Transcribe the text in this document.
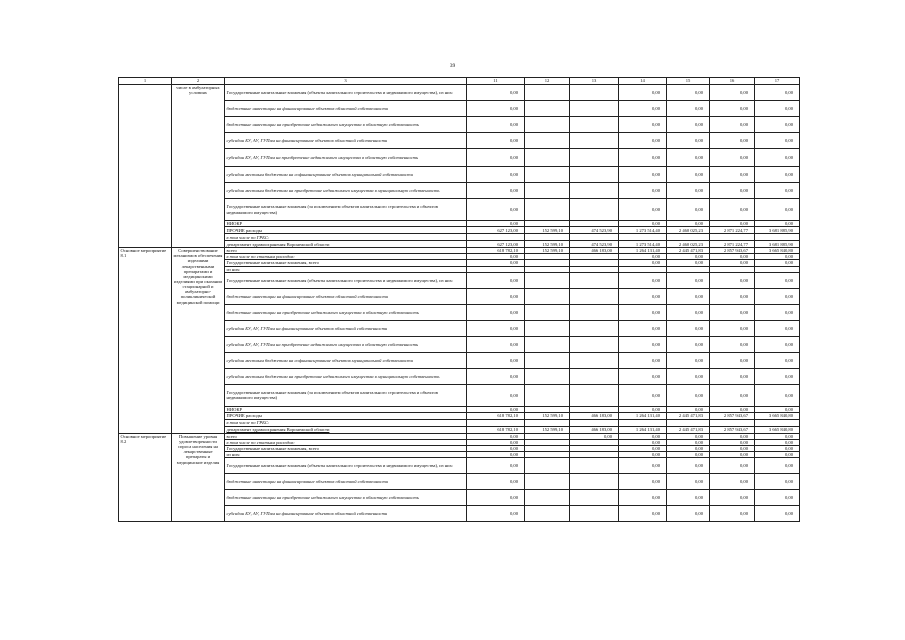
39
1	2	3	11	12	13	14	15	16	17
	числе в амбулаторных условиях	Государственные капитальные вложения (объекты капитального строительства и недвижимого имущества), из них:	0,00			0,00	0,00	0,00	0,00
		бюджетные инвестиции на финансирование объектов областной собственности	0,00			0,00	0,00	0,00	0,00
		бюджетные инвестиции на приобретение недвижимого имущества в областную собственность	0,00			0,00	0,00	0,00	0,00
		субсидии БУ, АУ, ГУПам на финансирование объектов областной собственности	0,00			0,00	0,00	0,00	0,00
		субсидии БУ, АУ, ГУПам на приобретение недвижимого имущества в областную собственность	0,00			0,00	0,00	0,00	0,00
		субсидии местным бюджетам на софинансирование объектов муниципальной собственности	0,00			0,00	0,00	0,00	0,00
		субсидии местным бюджетам на приобретение недвижимого имущества в муниципальную собственность	0,00			0,00	0,00	0,00	0,00
		Государственные капитальные вложения (за исключением объектов капитального строительства и объектов недвижимого имущества)	0,00			0,00	0,00	0,00	0,00
		НИОКР	0,00			0,00	0,00	0,00	0,00
		ПРОЧИЕ расходы	627 123,00	152 599,10	474 523,90	1 273 514,40	2 460 025,23	2 871 224,77	3 681 885,90
		в том числе по ГРБС:							
		департамент здравоохранения Воронежской области	627 123,00	152 599,10	474 523,90	1 273 514,40	2 460 025,23	2 871 224,77	3 681 885,90
Основное мероприятие 8.1	Совершенствование механизмов обеспечения изделиями лекарственными препаратами и медицинскими изделиями при оказании стационарной и амбулаторно-поликлинической медицинской помощи	всего	618 782,10	152 599,10	466 183,00	1 264 131,40	2 445 471,83	2 857 943,67	3 665 840,80
		в том числе по статьям расходов:	0,00			0,00	0,00	0,00	0,00
		Государственные капитальные вложения, всего	0,00			0,00	0,00	0,00	0,00
		из них:							
		Государственные капитальные вложения (объекты капитального строительства и недвижимого имущества), из них:	0,00			0,00	0,00	0,00	0,00
		бюджетные инвестиции на финансирование объектов областной собственности	0,00			0,00	0,00	0,00	0,00
		бюджетные инвестиции на приобретение недвижимого имущества в областную собственность	0,00			0,00	0,00	0,00	0,00
		субсидии БУ, АУ, ГУПам на финансирование объектов областной собственности	0,00			0,00	0,00	0,00	0,00
		субсидии БУ, АУ, ГУПам на приобретение недвижимого имущества в областную собственность	0,00			0,00	0,00	0,00	0,00
		субсидии местным бюджетам на софинансирование объектов муниципальной собственности	0,00			0,00	0,00	0,00	0,00
		субсидии местным бюджетам на приобретение недвижимого имущества в муниципальную собственность	0,00			0,00	0,00	0,00	0,00
		Государственные капитальные вложения (за исключением объектов капитального строительства и объектов недвижимого имущества)	0,00			0,00	0,00	0,00	0,00
		НИОКР	0,00			0,00	0,00	0,00	0,00
		ПРОЧИЕ расходы	618 782,10	152 599,10	466 183,00	1 264 131,40	2 445 471,83	2 857 943,67	3 665 840,80
		в том числе по ГРБС:							
		департамент здравоохранения Воронежской области	618 782,10	152 599,10	466 183,00	1 264 131,40	2 445 471,83	2 857 943,67	3 665 840,80
Основное мероприятие 8.2	Повышение уровня удовлетворенности спроса населения на лекарственные препараты и медицинские изделия	всего	0,00		0,00	0,00	0,00	0,00	0,00
		в том числе по статьям расходов:	0,00			0,00	0,00	0,00	0,00
		Государственные капитальные вложения, всего	0,00			0,00	0,00	0,00	0,00
		из них:	0,00			0,00	0,00	0,00	0,00
		Государственные капитальные вложения (объекты капитального строительства и недвижимого имущества), из них:	0,00			0,00	0,00	0,00	0,00
		бюджетные инвестиции на финансирование объектов областной собственности	0,00			0,00	0,00	0,00	0,00
		бюджетные инвестиции на приобретение недвижимого имущества в областную собственность	0,00			0,00	0,00	0,00	0,00
		субсидии БУ, АУ, ГУПам на финансирование объектов областной собственности	0,00			0,00	0,00	0,00	0,00
